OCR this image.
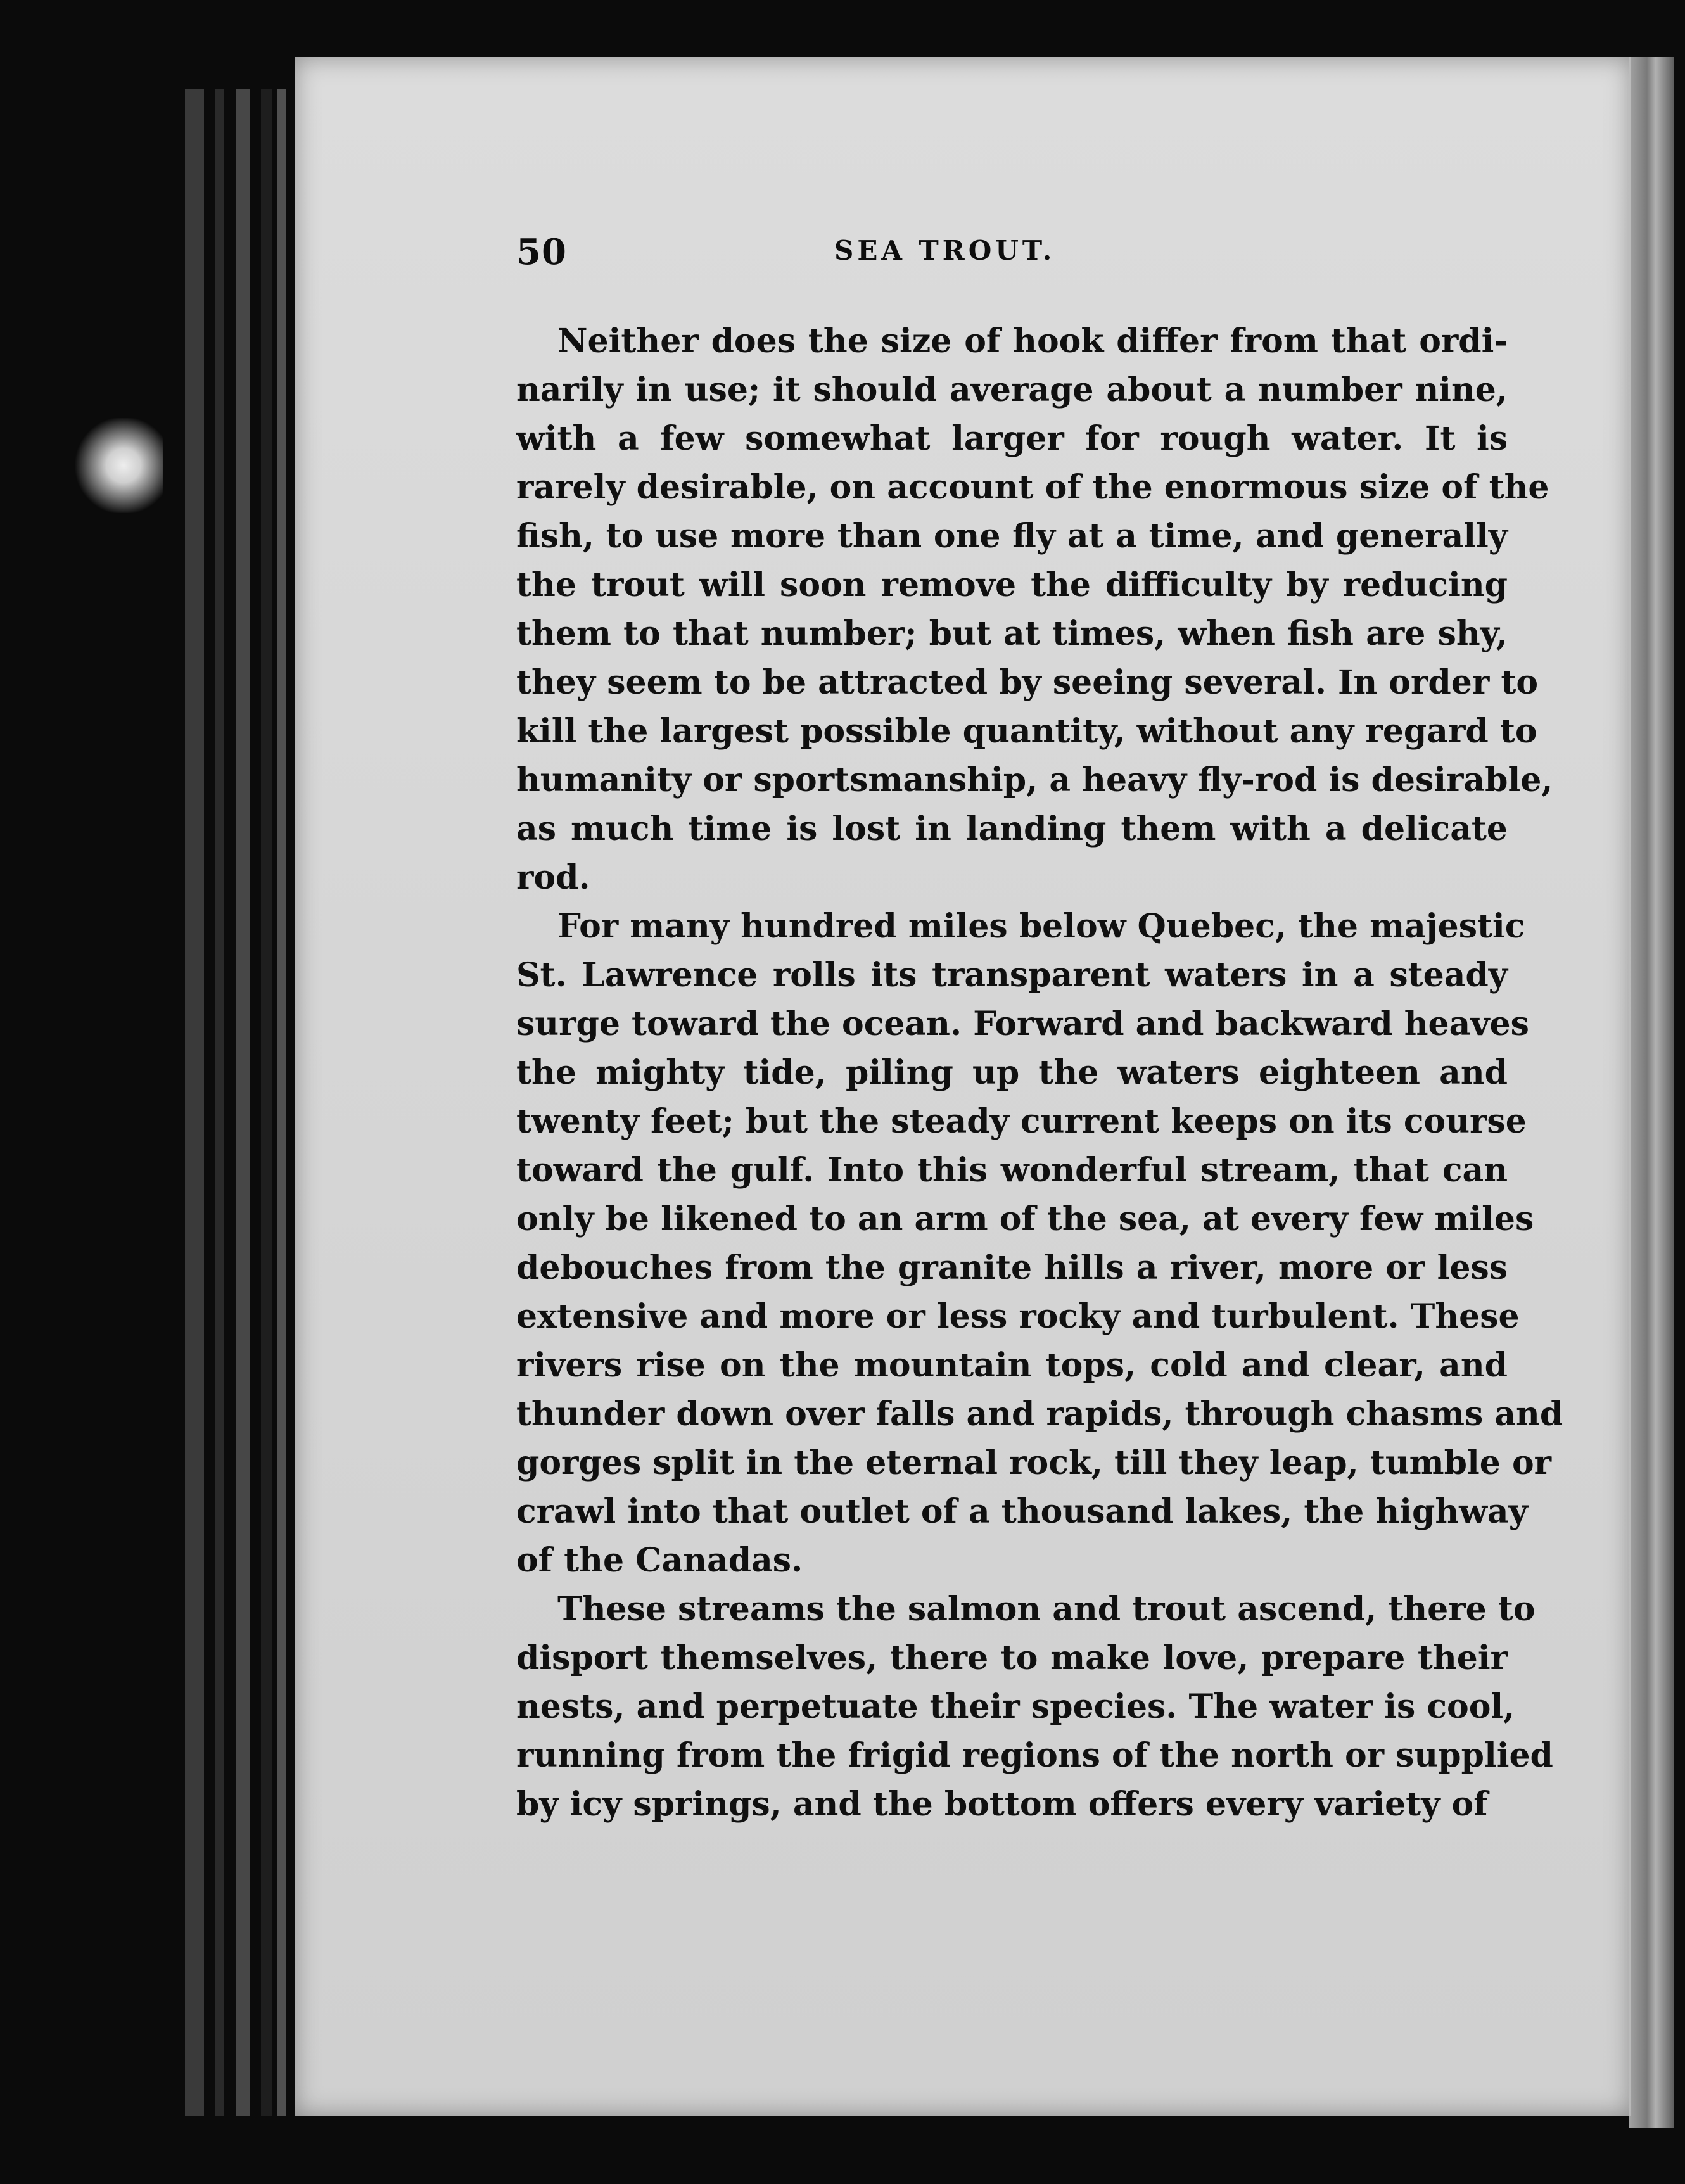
50	SEA TROUT.
Neither does the size of hook differ from that ordi-
narily in use; it should average about a number nine,
with a few somewhat larger for rough water. It is
rarely desirable, on account of the enormous size of the
fish, to use more than one fly at a time, and generally
the trout will soon remove the difficulty by reducing
them to that number; but at times, when fish are shy,
they seem to be attracted by seeing several. In order to
kill the largest possible quantity, without any regard to
humanity or sportsmanship, a heavy fly-rod is desirable,
as much time is lost in landing them with a delicate
rod.
For many hundred miles below Quebec, the majestic
St. Lawrence rolls its transparent waters in a steady
surge toward the ocean. Forward and backward heaves
the mighty tide, piling up the waters eighteen and
twenty feet; but the steady current keeps on its course
toward the gulf. Into this wonderful stream, that can
only be likened to an arm of the sea, at every few miles
debouches from the granite hills a river, more or less
extensive and more or less rocky and turbulent. These
rivers rise on the mountain tops, cold and clear, and
thunder down over falls and rapids, through chasms and
gorges split in the eternal rock, till they leap, tumble or
crawl into that outlet of a thousand lakes, the highway
of the Canadas.
These streams the salmon and trout ascend, there to
disport themselves, there to make love, prepare their
nests, and perpetuate their species. The water is cool,
running from the frigid regions of the north or supplied
by icy springs, and the bottom offers every variety of
